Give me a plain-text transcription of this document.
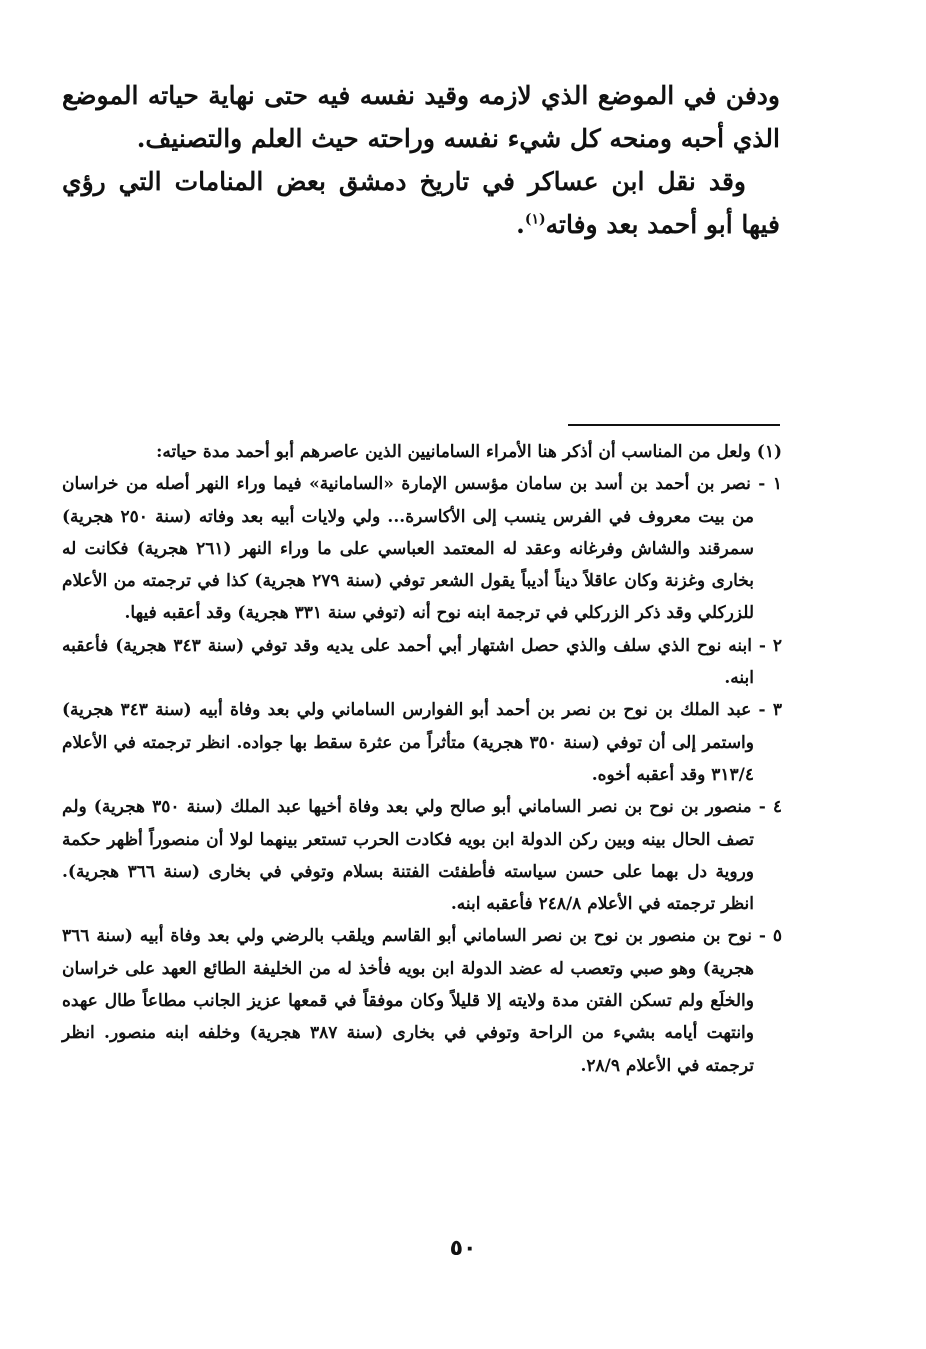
ودفن في الموضع الذي لازمه وقيد نفسه فيه حتى نهاية حياته الموضع الذي أحبه ومنحه كل شيء نفسه وراحته حيث العلم والتصنيف.

وقد نقل ابن عساكر في تاريخ دمشق بعض المنامات التي رؤي فيها أبو أحمد بعد وفاته$^{(١)}$.

(١) ولعل من المناسب أن أذكر هنا الأمراء السامانيين الذين عاصرهم أبو أحمد مدة حياته:

١ - نصر بن أحمد بن أسد بن سامان مؤسس الإمارة «السامانية» فيما وراء النهر أصله من خراسان من بيت معروف في الفرس ينسب إلى الأكاسرة... ولي ولايات أبيه بعد وفاته (سنة ٢٥٠ هجرية) سمرقند والشاش وفرغانه وعقد له المعتمد العباسي على ما وراء النهر (٢٦١ هجرية) فكانت له بخارى وغزنة وكان عاقلاً ديناً أديباً يقول الشعر توفي (سنة ٢٧٩ هجرية) كذا في ترجمته من الأعلام للزركلي وقد ذكر الزركلي في ترجمة ابنه نوح أنه (توفي سنة ٣٣١ هجرية) وقد أعقبه فيها.

٢ - ابنه نوح الذي سلف والذي حصل اشتهار أبي أحمد على يديه وقد توفي (سنة ٣٤٣ هجرية) فأعقبه ابنه.

٣ - عبد الملك بن نوح بن نصر بن أحمد أبو الفوارس الساماني ولي بعد وفاة أبيه (سنة ٣٤٣ هجرية) واستمر إلى أن توفي (سنة ٣٥٠ هجرية) متأثراً من عثرة سقط بها جواده. انظر ترجمته في الأعلام ٣١٣/٤ وقد أعقبه أخوه.

٤ - منصور بن نوح بن نصر الساماني أبو صالح ولي بعد وفاة أخيها عبد الملك (سنة ٣٥٠ هجرية) ولم تصف الحال بينه وبين ركن الدولة ابن بويه فكادت الحرب تستعر بينهما لولا أن منصوراً أظهر حكمة وروية دل بهما على حسن سياسته فأطفئت الفتنة بسلام وتوفي في بخارى (سنة ٣٦٦ هجرية). انظر ترجمته في الأعلام ٢٤٨/٨ فأعقبه ابنه.

٥ - نوح بن منصور بن نوح بن نصر الساماني أبو القاسم ويلقب بالرضي ولي بعد وفاة أبيه (سنة ٣٦٦ هجرية) وهو صبي وتعصب له عضد الدولة ابن بويه فأخذ له من الخليفة الطائع العهد على خراسان والخلَع ولم تسكن الفتن مدة ولايته إلا قليلاً وكان موفقاً في قمعها عزيز الجانب مطاعاً طال عهده وانتهت أيامه بشيء من الراحة وتوفي في بخارى (سنة ٣٨٧ هجرية) وخلفه ابنه منصور. انظر ترجمته في الأعلام ٢٨/٩.

٥٠
